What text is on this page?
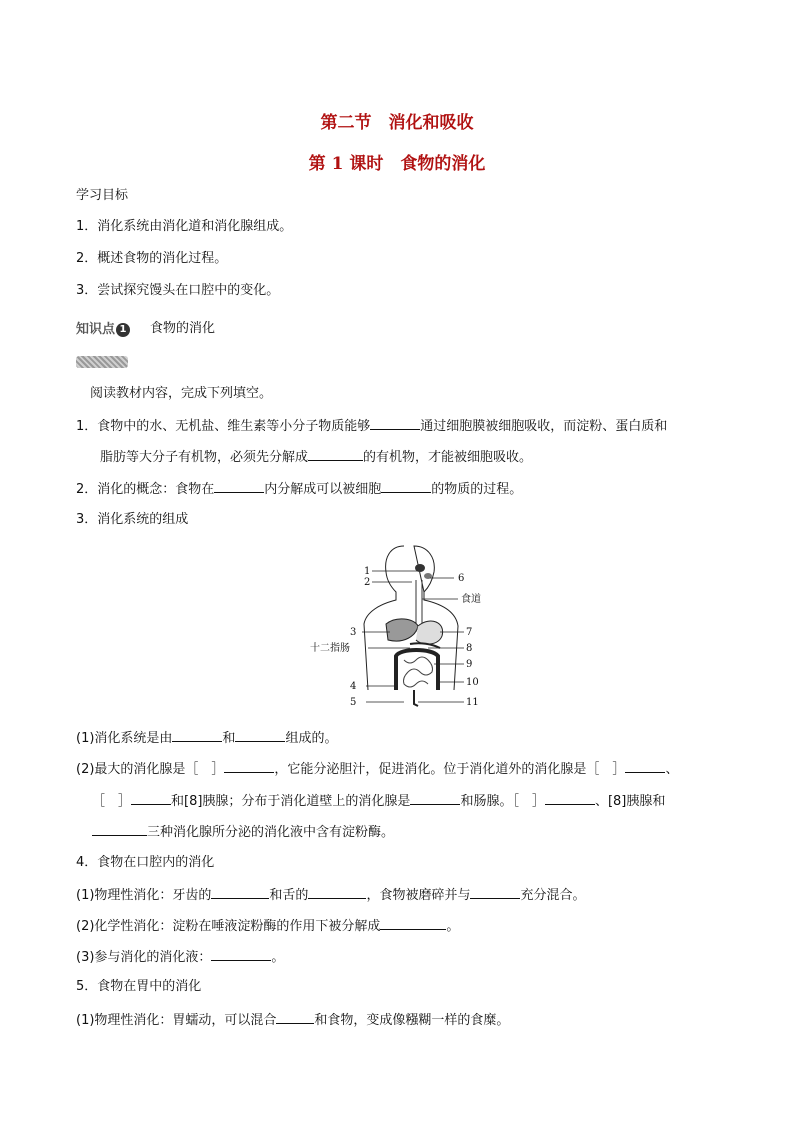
第二节　消化和吸收
第 1 课时　食物的消化
学习目标
1．消化系统由消化道和消化腺组成。
2．概述食物的消化过程。
3．尝试探究馒头在口腔中的变化。
知识点 1 食物的消化
阅读教材内容，完成下列填空。
1．食物中的水、无机盐、维生素等小分子物质能够	通过细胞膜被细胞吸收，而淀粉、蛋白质和
脂肪等大分子有机物，必须先分解成	的有机物，才能被细胞吸收。
2．消化的概念：食物在	内分解成可以被细胞	的物质的过程。
3．消化系统的组成
1
2
3
十二指肠
4
5
6
食道
7
8
9
10
11
(1)消化系统是由	和	组成的。
(2)最大的消化腺是［　］	，它能分泌胆汁，促进消化。位于消化道外的消化腺是［　］	、
［　］	和[8]胰腺；分布于消化道壁上的消化腺是	和肠腺。［　］	、[8]胰腺和
三种消化腺所分泌的消化液中含有淀粉酶。
4．食物在口腔内的消化
(1)物理性消化：牙齿的	和舌的	，食物被磨碎并与	充分混合。
(2)化学性消化：淀粉在唾液淀粉酶的作用下被分解成	。
(3)参与消化的消化液：	。
5．食物在胃中的消化
(1)物理性消化：胃蠕动，可以混合	和食物，变成像糨糊一样的食糜。
